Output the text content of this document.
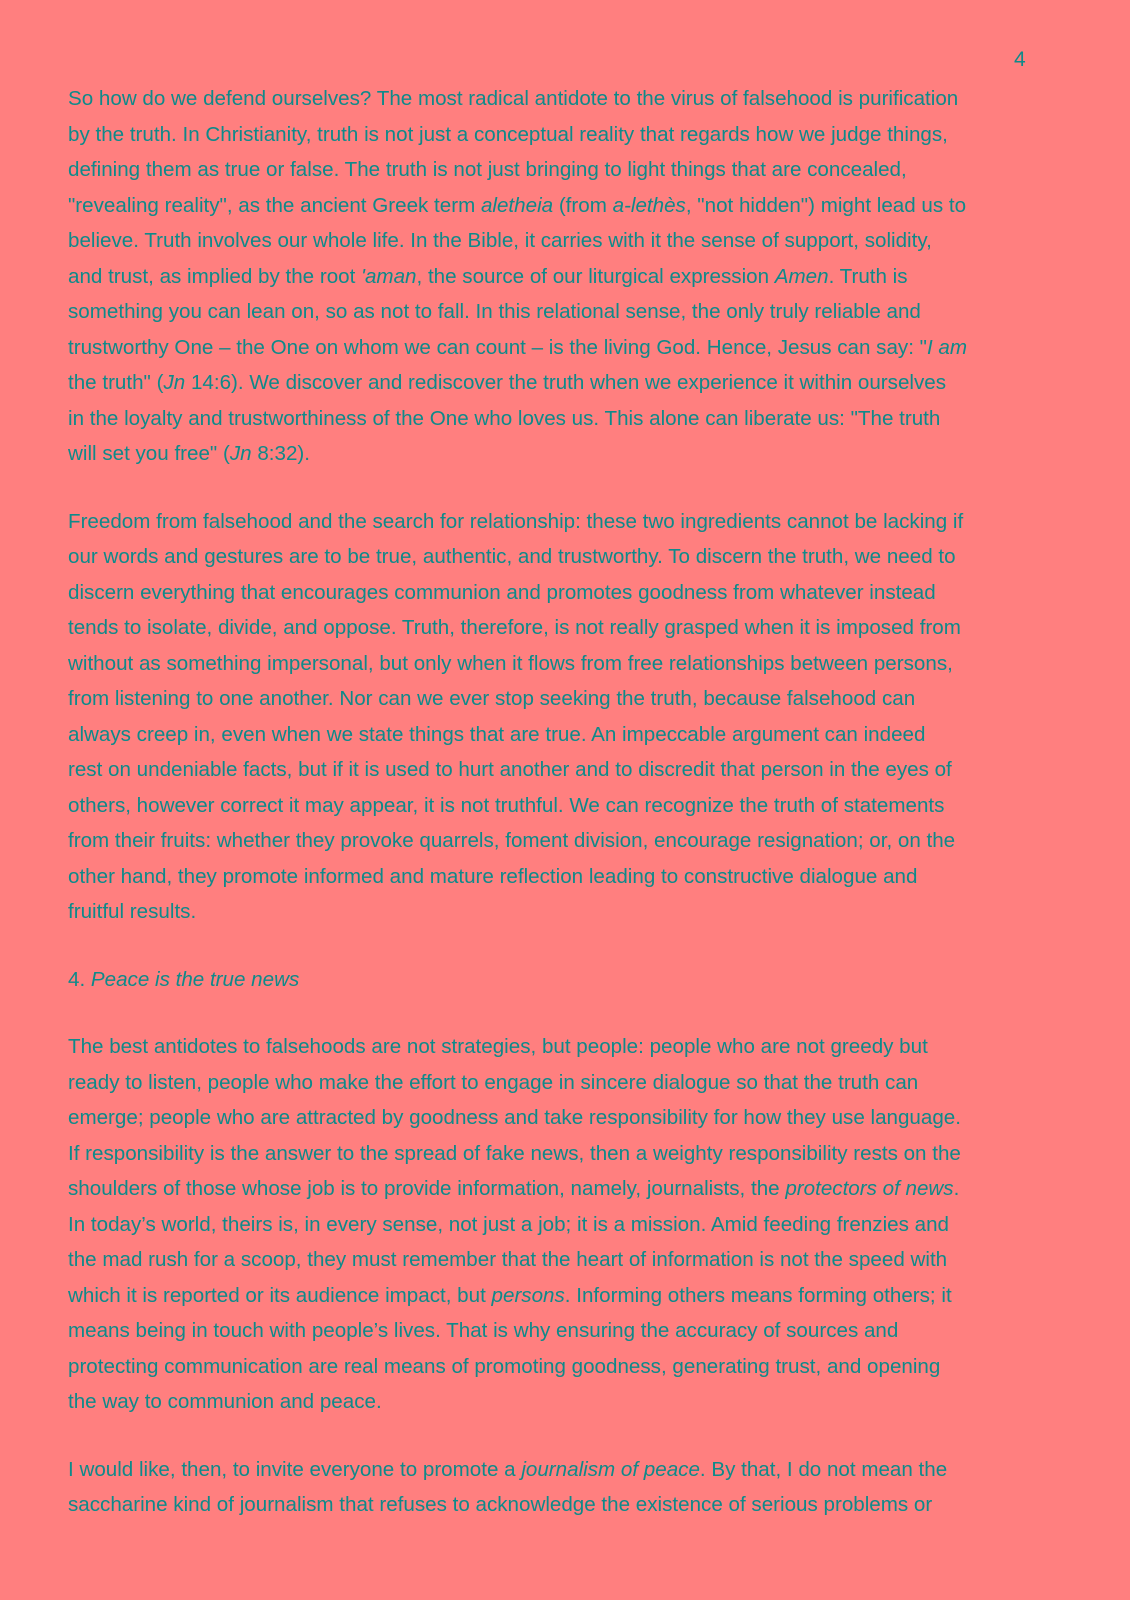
4

So how do we defend ourselves? The most radical antidote to the virus of falsehood is purification
by the truth. In Christianity, truth is not just a conceptual reality that regards how we judge things,
defining them as true or false. The truth is not just bringing to light things that are concealed,
"revealing reality", as the ancient Greek term aletheia (from a-lethès, "not hidden") might lead us to
believe. Truth involves our whole life. In the Bible, it carries with it the sense of support, solidity,
and trust, as implied by the root 'aman, the source of our liturgical expression Amen. Truth is
something you can lean on, so as not to fall. In this relational sense, the only truly reliable and
trustworthy One – the One on whom we can count – is the living God. Hence, Jesus can say: "I am
the truth" (Jn 14:6). We discover and rediscover the truth when we experience it within ourselves
in the loyalty and trustworthiness of the One who loves us. This alone can liberate us: "The truth
will set you free" (Jn 8:32).

Freedom from falsehood and the search for relationship: these two ingredients cannot be lacking if
our words and gestures are to be true, authentic, and trustworthy. To discern the truth, we need to
discern everything that encourages communion and promotes goodness from whatever instead
tends to isolate, divide, and oppose. Truth, therefore, is not really grasped when it is imposed from
without as something impersonal, but only when it flows from free relationships between persons,
from listening to one another. Nor can we ever stop seeking the truth, because falsehood can
always creep in, even when we state things that are true. An impeccable argument can indeed
rest on undeniable facts, but if it is used to hurt another and to discredit that person in the eyes of
others, however correct it may appear, it is not truthful. We can recognize the truth of statements
from their fruits: whether they provoke quarrels, foment division, encourage resignation; or, on the
other hand, they promote informed and mature reflection leading to constructive dialogue and
fruitful results.

4. Peace is the true news

The best antidotes to falsehoods are not strategies, but people: people who are not greedy but
ready to listen, people who make the effort to engage in sincere dialogue so that the truth can
emerge; people who are attracted by goodness and take responsibility for how they use language.
If responsibility is the answer to the spread of fake news, then a weighty responsibility rests on the
shoulders of those whose job is to provide information, namely, journalists, the protectors of news.
In today’s world, theirs is, in every sense, not just a job; it is a mission. Amid feeding frenzies and
the mad rush for a scoop, they must remember that the heart of information is not the speed with
which it is reported or its audience impact, but persons. Informing others means forming others; it
means being in touch with people’s lives. That is why ensuring the accuracy of sources and
protecting communication are real means of promoting goodness, generating trust, and opening
the way to communion and peace.

I would like, then, to invite everyone to promote a journalism of peace. By that, I do not mean the
saccharine kind of journalism that refuses to acknowledge the existence of serious problems or
